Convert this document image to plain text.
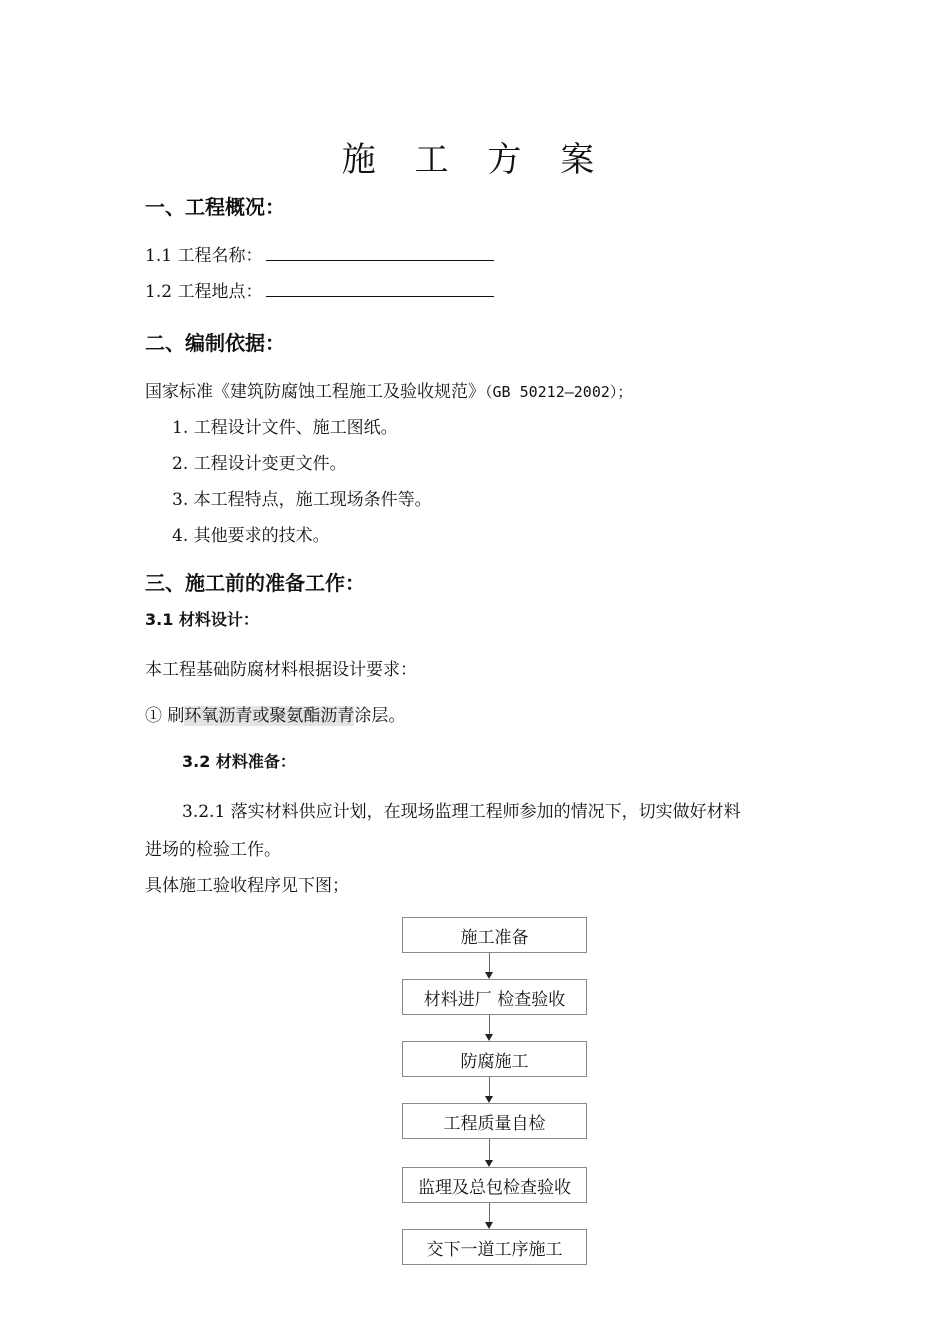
施 工 方 案
一、工程概况：
1.1 工程名称：
1.2 工程地点：
二、编制依据：
国家标准《建筑防腐蚀工程施工及验收规范》（GB 50212—2002）；
1. 工程设计文件、施工图纸。
2. 工程设计变更文件。
3. 本工程特点，施工现场条件等。
4. 其他要求的技术。
三、施工前的准备工作：
3.1 材料设计：
本工程基础防腐材料根据设计要求：
① 刷环氧沥青或聚氨酯沥青涂层。
3.2 材料准备：
3.2.1 落实材料供应计划，在现场监理工程师参加的情况下，切实做好材料
进场的检验工作。
具体施工验收程序见下图；
施工准备
材料进厂 检查验收
防腐施工
工程质量自检
监理及总包检查验收
交下一道工序施工
